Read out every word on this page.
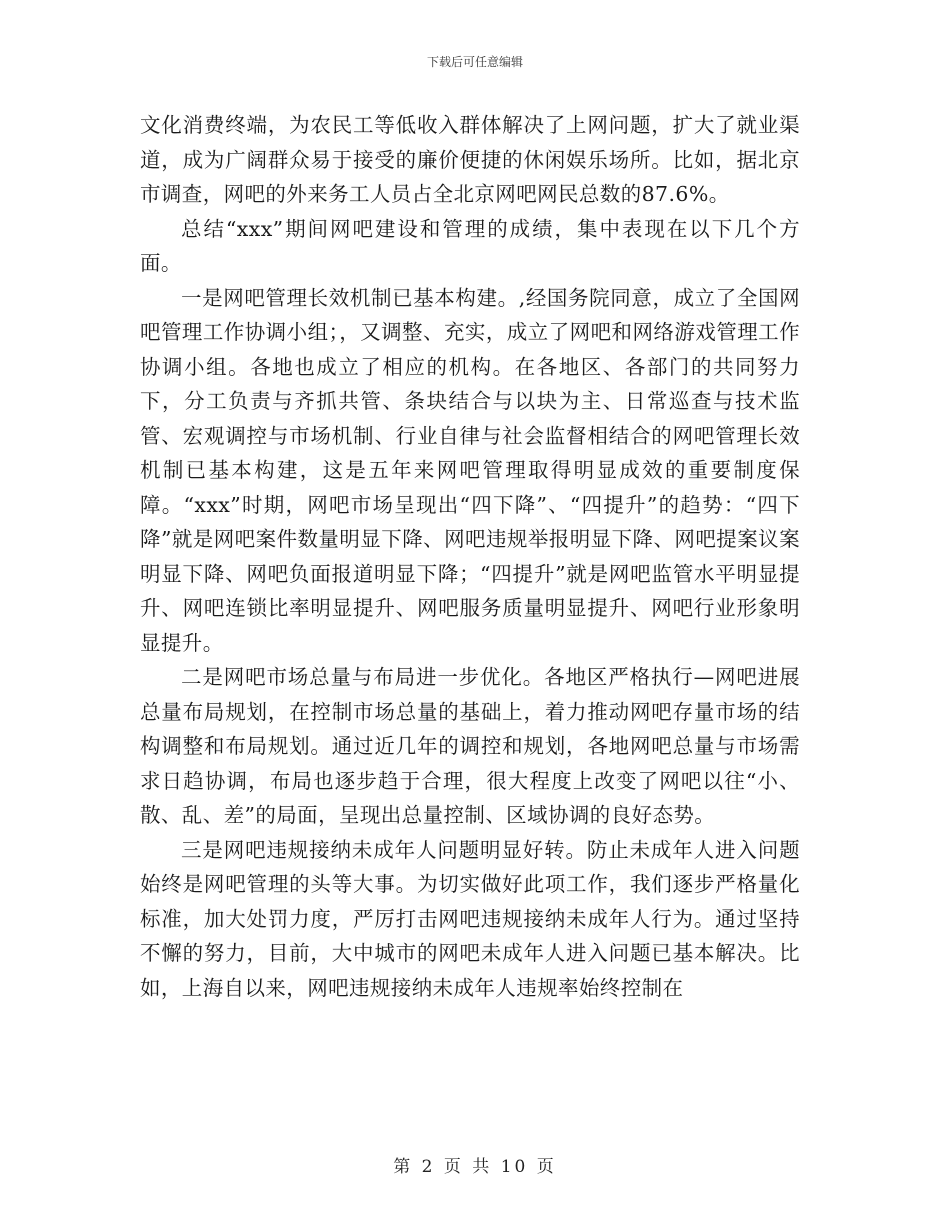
下载后可任意编辑

文化消费终端，为农民工等低收入群体解决了上网问题，扩大了就业渠道，成为广阔群众易于接受的廉价便捷的休闲娱乐场所。比如，据北京市调查，网吧的外来务工人员占全北京网吧网民总数的87.6%。

总结“xxx”期间网吧建设和管理的成绩，集中表现在以下几个方面。

一是网吧管理长效机制已基本构建。,经国务院同意，成立了全国网吧管理工作协调小组；，又调整、充实，成立了网吧和网络游戏管理工作协调小组。各地也成立了相应的机构。在各地区、各部门的共同努力下，分工负责与齐抓共管、条块结合与以块为主、日常巡查与技术监管、宏观调控与市场机制、行业自律与社会监督相结合的网吧管理长效机制已基本构建，这是五年来网吧管理取得明显成效的重要制度保障。“xxx”时期，网吧市场呈现出“四下降”、“四提升”的趋势：“四下降”就是网吧案件数量明显下降、网吧违规举报明显下降、网吧提案议案明显下降、网吧负面报道明显下降；“四提升”就是网吧监管水平明显提升、网吧连锁比率明显提升、网吧服务质量明显提升、网吧行业形象明显提升。

二是网吧市场总量与布局进一步优化。各地区严格执行—网吧进展总量布局规划，在控制市场总量的基础上，着力推动网吧存量市场的结构调整和布局规划。通过近几年的调控和规划，各地网吧总量与市场需求日趋协调，布局也逐步趋于合理，很大程度上改变了网吧以往“小、散、乱、差”的局面，呈现出总量控制、区域协调的良好态势。

三是网吧违规接纳未成年人问题明显好转。防止未成年人进入问题始终是网吧管理的头等大事。为切实做好此项工作，我们逐步严格量化标准，加大处罚力度，严厉打击网吧违规接纳未成年人行为。通过坚持不懈的努力，目前，大中城市的网吧未成年人进入问题已基本解决。比如，上海自以来，网吧违规接纳未成年人违规率始终控制在

第 2 页 共 10 页
